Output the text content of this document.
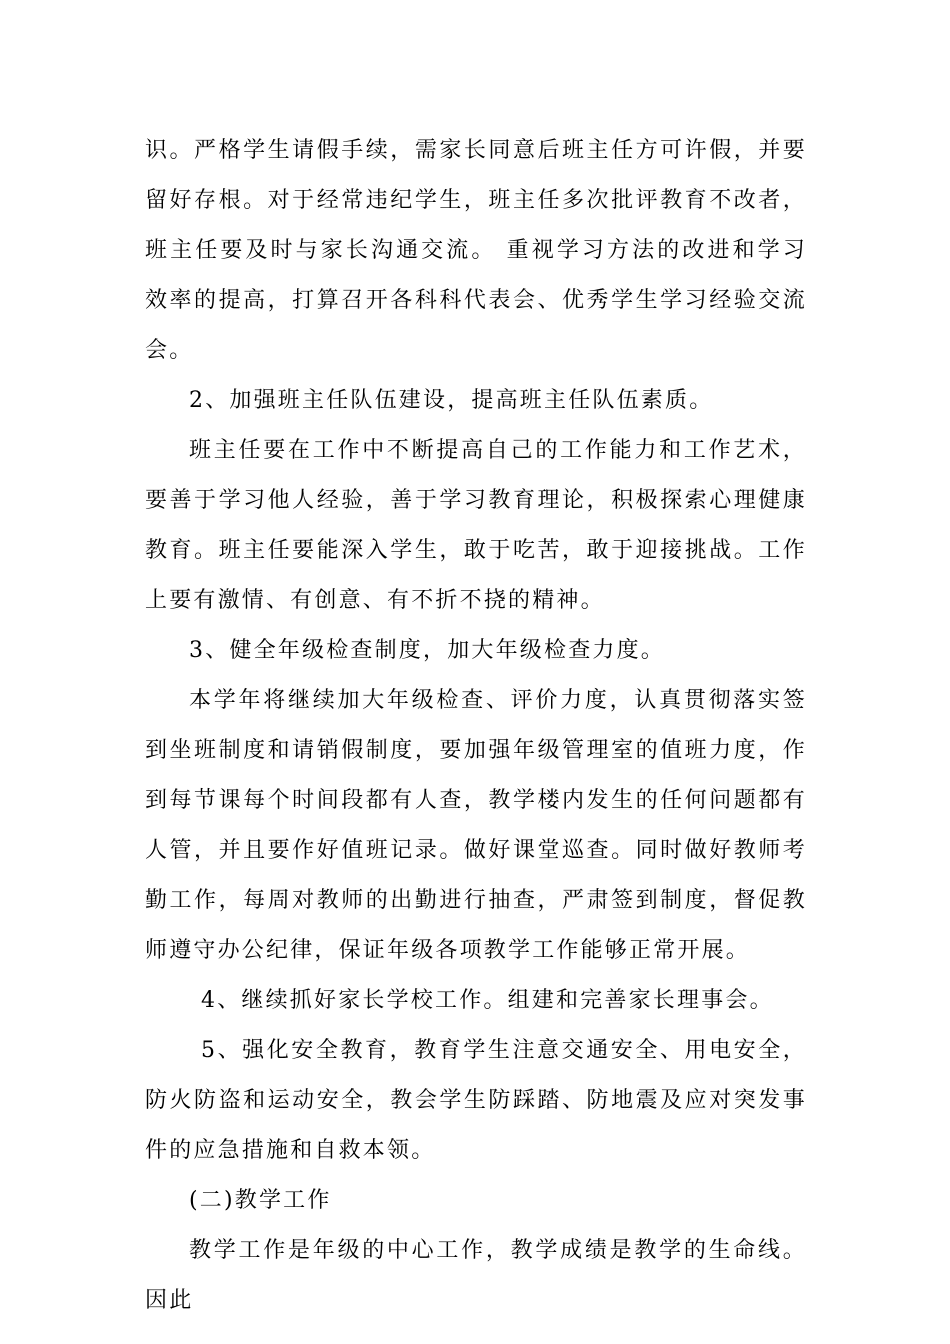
识。严格学生请假手续，需家长同意后班主任方可许假，并要留好存根。对于经常违纪学生，班主任多次批评教育不改者，班主任要及时与家长沟通交流。 重视学习方法的改进和学习效率的提高，打算召开各科科代表会、优秀学生学习经验交流会。

2、加强班主任队伍建设，提高班主任队伍素质。

班主任要在工作中不断提高自己的工作能力和工作艺术，要善于学习他人经验，善于学习教育理论，积极探索心理健康教育。班主任要能深入学生，敢于吃苦，敢于迎接挑战。工作上要有激情、有创意、有不折不挠的精神。

3、健全年级检查制度，加大年级检查力度。

本学年将继续加大年级检查、评价力度，认真贯彻落实签到坐班制度和请销假制度，要加强年级管理室的值班力度，作到每节课每个时间段都有人查，教学楼内发生的任何问题都有人管，并且要作好值班记录。做好课堂巡查。同时做好教师考勤工作，每周对教师的出勤进行抽查，严肃签到制度，督促教师遵守办公纪律，保证年级各项教学工作能够正常开展。

4、继续抓好家长学校工作。组建和完善家长理事会。

5、强化安全教育，教育学生注意交通安全、用电安全，防火防盗和运动安全，教会学生防踩踏、防地震及应对突发事件的应急措施和自救本领。

(二)教学工作

教学工作是年级的中心工作，教学成绩是教学的生命线。因此
